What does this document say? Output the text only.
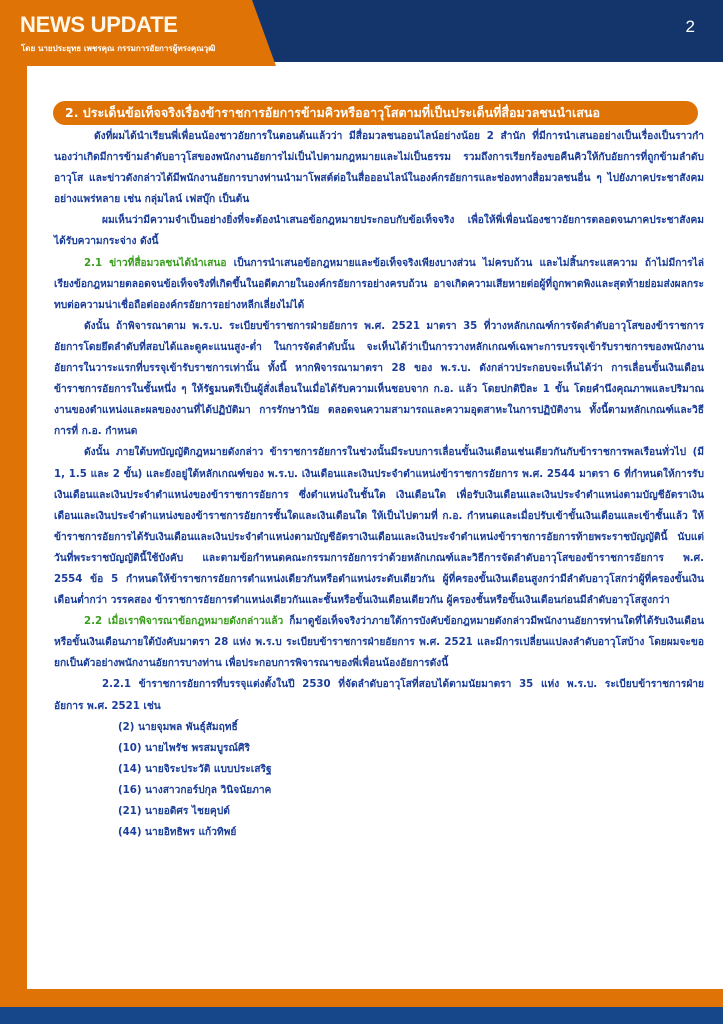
NEWS UPDATE
โดย นายประยุทธ เพชรคุณ กรรมการอัยการผู้ทรงคุณวุฒิ
2
2. ประเด็นข้อเท็จจริงเรื่องข้าราชการอัยการข้ามคิวหรืออาวุโสตามที่เป็นประเด็นที่สื่อมวลชนนำเสนอ

ดังที่ผมได้นำเรียนพี่เพื่อนน้องชาวอัยการในตอนต้นแล้วว่า มีสื่อมวลชนออนไลน์อย่างน้อย 2 สำนัก ที่มีการนำเสนออย่างเป็นเรื่องเป็นราวกำนองว่าเกิดมีการข้ามลำดับอาวุโสของพนักงานอัยการไม่เป็นไปตามกฎหมายและไม่เป็นธรรม รวมถึงการเรียกร้องขอคืนคิวให้กับอัยการที่ถูกข้ามลำดับอาวุโส และข่าวดังกล่าวได้มีพนักงานอัยการบางท่านนำมาโพสต์ต่อในสื่อออนไลน์ในองค์กรอัยการและช่องทางสื่อมวลชนอื่น ๆ ไปยังภาคประชาสังคมอย่างแพร่หลาย เช่น กลุ่มไลน์ เฟสบุ๊ก เป็นต้น

ผมเห็นว่ามีความจำเป็นอย่างยิ่งที่จะต้องนำเสนอข้อกฎหมายประกอบกับข้อเท็จจริง เพื่อให้พี่เพื่อนน้องชาวอัยการตลอดจนภาคประชาสังคมได้รับความกระจ่าง ดังนี้

2.1 ข่าวที่สื่อมวลชนได้นำเสนอ เป็นการนำเสนอข้อกฎหมายและข้อเท็จจริงเพียงบางส่วน ไม่ครบถ้วน และไม่สิ้นกระแสความ ถ้าไม่มีการไล่เรียงข้อกฎหมายตลอดจนข้อเท็จจริงที่เกิดขึ้นในอดีตภายในองค์กรอัยการอย่างครบถ้วน อาจเกิดความเสียหายต่อผู้ที่ถูกพาดพิงและสุดท้ายย่อมส่งผลกระทบต่อความน่าเชื่อถือต่อองค์กรอัยการอย่างหลีกเลี่ยงไม่ได้

ดังนั้น ถ้าพิจารณาตาม พ.ร.บ. ระเบียบข้าราชการฝ่ายอัยการ พ.ศ. 2521 มาตรา 35 ที่วางหลักเกณฑ์การจัดลำดับอาวุโสของข้าราชการอัยการโดยยึดลำดับที่สอบได้และดูคะแนนสูง-ต่ำ ในการจัดลำดับนั้น จะเห็นได้ว่าเป็นการวางหลักเกณฑ์เฉพาะการบรรจุเข้ารับราชการของพนักงานอัยการในวาระแรกที่บรรจุเข้ารับราชการเท่านั้น ทั้งนี้ หากพิจารณามาตรา 28 ของ พ.ร.บ. ดังกล่าวประกอบจะเห็นได้ว่า การเลื่อนขั้นเงินเดือนข้าราชการอัยการในชั้นหนึ่ง ๆ ให้รัฐมนตรีเป็นผู้สั่งเลื่อนในเมื่อได้รับความเห็นชอบจาก ก.อ. แล้ว โดยปกติปีละ 1 ขั้น โดยคำนึงคุณภาพและปริมาณงานของตำแหน่งและผลของงานที่ได้ปฏิบัติมา การรักษาวินัย ตลอดจนความสามารถและความอุตสาหะในการปฏิบัติงาน ทั้งนี้ตามหลักเกณฑ์และวิธีการที่ ก.อ. กำหนด

ดังนั้น ภายใต้บทบัญญัติกฎหมายดังกล่าว ข้าราชการอัยการในช่วงนั้นมีระบบการเลื่อนขั้นเงินเดือนเช่นเดียวกันกับข้าราชการพลเรือนทั่วไป (มี 1, 1.5 และ 2 ขั้น) และยังอยู่ใต้หลักเกณฑ์ของ พ.ร.บ. เงินเดือนและเงินประจำตำแหน่งข้าราชการอัยการ พ.ศ. 2544 มาตรา 6 ที่กำหนดให้การรับเงินเดือนและเงินประจำตำแหน่งของข้าราชการอัยการ ซึ่งตำแหน่งในชั้นใด เงินเดือนใด เพื่อรับเงินเดือนและเงินประจำตำแหน่งตามบัญชีอัตราเงินเดือนและเงินประจำตำแหน่งของข้าราชการอัยการชั้นใดและเงินเดือนใด ให้เป็นไปตามที่ ก.อ. กำหนดและเมื่อปรับเข้าขั้นเงินเดือนและเข้าชั้นแล้ว ให้ข้าราชการอัยการได้รับเงินเดือนและเงินประจำตำแหน่งตามบัญชีอัตราเงินเดือนและเงินประจำตำแหน่งข้าราชการอัยการท้ายพระราชบัญญัตินี้ นับแต่วันที่พระราชบัญญัตินี้ใช้บังคับ และตามข้อกำหนดคณะกรรมการอัยการว่าด้วยหลักเกณฑ์และวิธีการจัดลำดับอาวุโสของข้าราชการอัยการ พ.ศ. 2554 ข้อ 5 กำหนดให้ข้าราชการอัยการตำแหน่งเดียวกันหรือตำแหน่งระดับเดียวกัน ผู้ที่ครองขั้นเงินเดือนสูงกว่ามีลำดับอาวุโสกว่าผู้ที่ครองขั้นเงินเดือนต่ำกว่า วรรคสอง ข้าราชการอัยการตำแหน่งเดียวกันและชั้นหรือขั้นเงินเดือนเดียวกัน ผู้ครองชั้นหรือขั้นเงินเดือนก่อนมีลำดับอาวุโสสูงกว่า

2.2 เมื่อเราพิจารณาข้อกฎหมายดังกล่าวแล้ว ก็มาดูข้อเท็จจริงว่าภายใต้การบังคับข้อกฎหมายดังกล่าวมีพนักงานอัยการท่านใดที่ได้รับเงินเดือนหรือขั้นเงินเดือนภายใต้บังคับมาตรา 28 แห่ง พ.ร.บ ระเบียบข้าราชการฝ่ายอัยการ พ.ศ. 2521 และมีการเปลี่ยนแปลงลำดับอาวุโสบ้าง โดยผมจะขอยกเป็นตัวอย่างพนักงานอัยการบางท่าน เพื่อประกอบการพิจารณาของพี่เพื่อนน้องอัยการดังนี้

2.2.1 ข้าราชการอัยการที่บรรจุแต่งตั้งในปี 2530 ที่จัดลำดับอาวุโสที่สอบได้ตามนัยมาตรา 35 แห่ง พ.ร.บ. ระเบียบข้าราชการฝ่ายอัยการ พ.ศ. 2521 เช่น

(2) นายจุมพล พันธุ์สัมฤทธิ์
(10) นายไพรัช พรสมบูรณ์ศิริ
(14) นายจิระประวัติ แบบประเสริฐ
(16) นางสาวกอร์ปกุล วินิจนัยภาค
(21) นายอดิศร ไชยคุปต์
(44) นายอิทธิพร แก้วทิพย์
